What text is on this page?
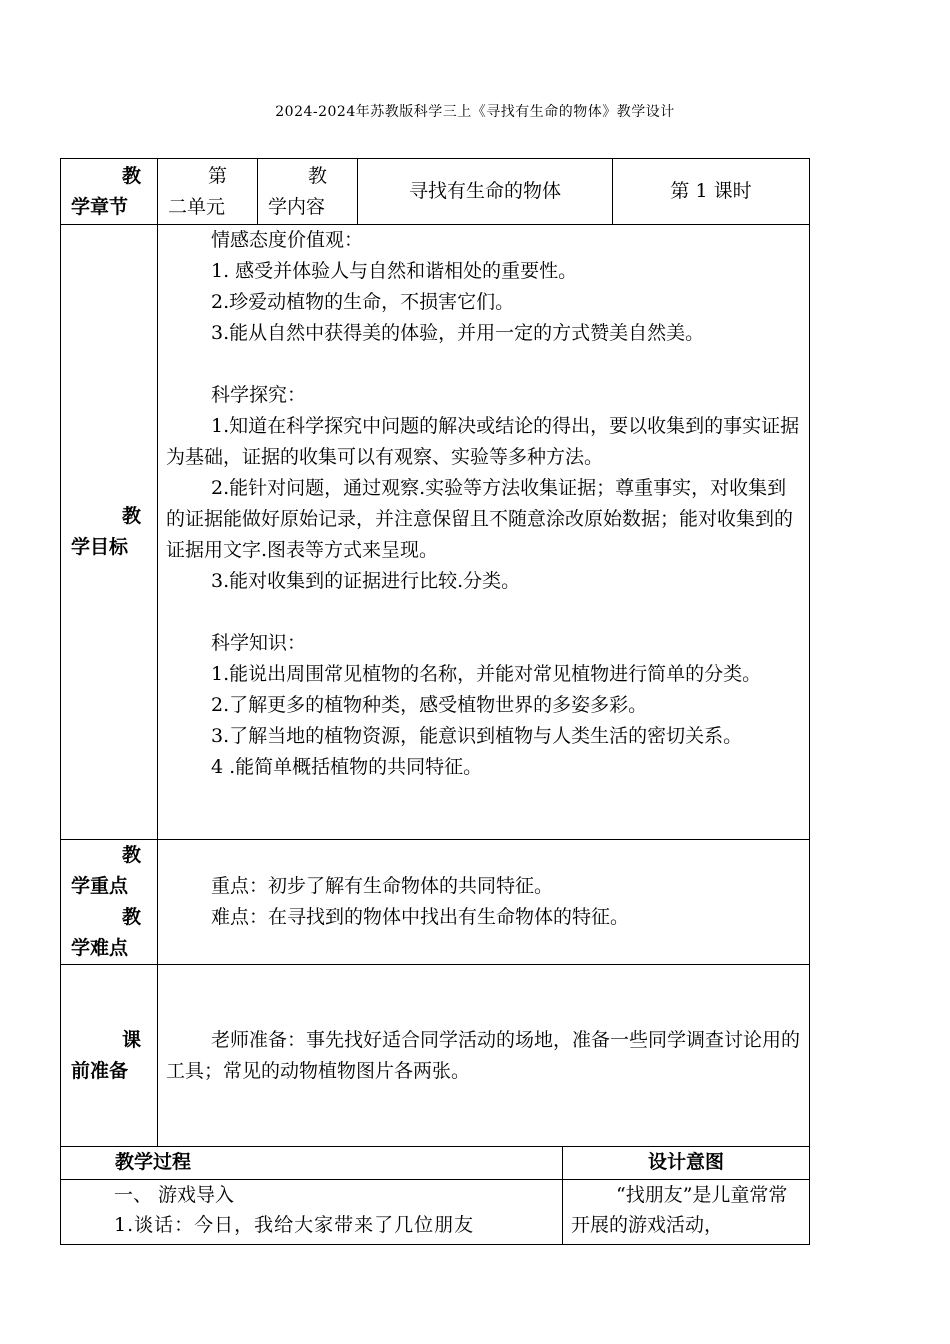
2024-2024年苏教版科学三上《寻找有生命的物体》教学设计
教
学章节
第
二单元
教
学内容
寻找有生命的物体	第 1 课时
教
学目标
情感态度价值观：
1. 感受并体验人与自然和谐相处的重要性。
2.珍爱动植物的生命，不损害它们。
3.能从自然中获得美的体验，并用一定的方式赞美自然美。
科学探究：
1.知道在科学探究中问题的解决或结论的得出，要以收集到的事实证据为基础，证据的收集可以有观察、实验等多种方法。
2.能针对问题，通过观察.实验等方法收集证据；尊重事实，对收集到的证据能做好原始记录，并注意保留且不随意涂改原始数据；能对收集到的证据用文字.图表等方式来呈现。
3.能对收集到的证据进行比较.分类。
科学知识：
1.能说出周围常见植物的名称，并能对常见植物进行简单的分类。
2.了解更多的植物种类，感受植物世界的多姿多彩。
3.了解当地的植物资源，能意识到植物与人类生活的密切关系。
4 .能简单概括植物的共同特征。
教
学重点
教
学难点
重点：初步了解有生命物体的共同特征。
难点：在寻找到的物体中找出有生命物体的特征。
课
前准备
老师准备：事先找好适合同学活动的场地，准备一些同学调查讨论用的工具；常见的动物植物图片各两张。
教学过程	设计意图
一、 游戏导入
1.谈话：今日，我给大家带来了几位朋友
“找朋友”是儿童常常开展的游戏活动，
